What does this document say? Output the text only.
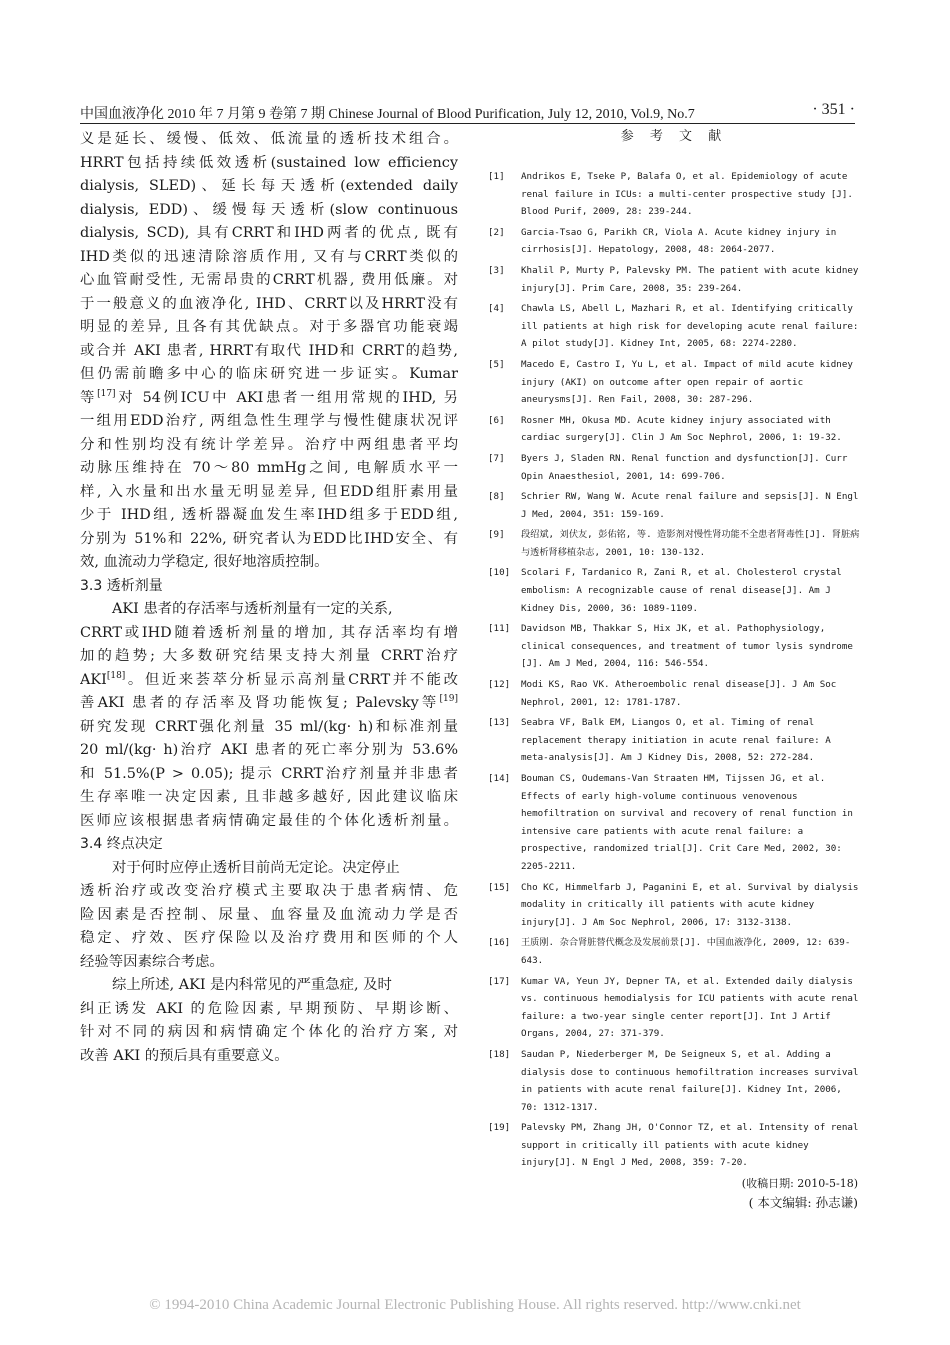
中国血液净化 2010 年 7 月第 9 卷第 7 期 Chinese Journal of Blood Purification, July 12, 2010, Vol.9, No.7	· 351 ·
义是延长、缓慢、低效、低流量的透析技术组合。
HRRT包括持续低效透析(sustained low efficiency
dialysis, SLED)、延长每天透析(extended daily
dialysis, EDD)、缓慢每天透析(slow continuous
dialysis, SCD), 具有CRRT和IHD两者的优点, 既有
IHD类似的迅速清除溶质作用, 又有与CRRT类似的
心血管耐受性, 无需昂贵的CRRT机器, 费用低廉。对
于一般意义的血液净化, IHD、CRRT以及HRRT没有
明显的差异, 且各有其优缺点。对于多器官功能衰竭
或合并 AKI 患者, HRRT有取代 IHD和 CRRT的趋势,
但仍需前瞻多中心的临床研究进一步证实。Kumar
等[17]对 54例ICU中 AKI患者一组用常规的IHD, 另
一组用EDD治疗, 两组急性生理学与慢性健康状况评
分和性别均没有统计学差异。治疗中两组患者平均
动脉压维持在 70～80 mmHg之间, 电解质水平一
样, 入水量和出水量无明显差异, 但EDD组肝素用量
少于 IHD组, 透析器凝血发生率IHD组多于EDD组,
分别为 51%和 22%, 研究者认为EDD比IHD安全、有
效, 血流动力学稳定, 很好地溶质控制。
3.3 透析剂量
AKI 患者的存活率与透析剂量有一定的关系,
CRRT或IHD随着透析剂量的增加, 其存活率均有增
加的趋势; 大多数研究结果支持大剂量 CRRT治疗
AKI[18]。但近来荟萃分析显示高剂量CRRT并不能改
善AKI 患者的存活率及肾功能恢复; Palevsky等[19]
研究发现 CRRT强化剂量 35 ml/(kg· h)和标准剂量
20 ml/(kg· h)治疗 AKI 患者的死亡率分别为 53.6%
和 51.5%(P > 0.05); 提示 CRRT治疗剂量并非患者
生存率唯一决定因素, 且非越多越好, 因此建议临床
医师应该根据患者病情确定最佳的个体化透析剂量。
3.4 终点决定
对于何时应停止透析目前尚无定论。决定停止
透析治疗或改变治疗模式主要取决于患者病情、危
险因素是否控制、尿量、血容量及血流动力学是否
稳定、疗效、医疗保险以及治疗费用和医师的个人
经验等因素综合考虑。
综上所述, AKI 是内科常见的严重急症, 及时
纠正诱发 AKI 的危险因素, 早期预防、早期诊断、
针对不同的病因和病情确定个体化的治疗方案, 对
改善 AKI 的预后具有重要意义。
参 考 文 献
[1] Andrikos E, Tseke P, Balafa O, et al. Epidemiology of acute renal failure in ICUs: a multi-center prospective study [J]. Blood Purif, 2009, 28: 239-244.
[2] Garcia-Tsao G, Parikh CR, Viola A. Acute kidney injury in cirrhosis[J]. Hepatology, 2008, 48: 2064-2077.
[3] Khalil P, Murty P, Palevsky PM. The patient with acute kidney injury[J]. Prim Care, 2008, 35: 239-264.
[4] Chawla LS, Abell L, Mazhari R, et al. Identifying critically ill patients at high risk for developing acute renal failure: A pilot study[J]. Kidney Int, 2005, 68: 2274-2280.
[5] Macedo E, Castro I, Yu L, et al. Impact of mild acute kidney injury (AKI) on outcome after open repair of aortic aneurysms[J]. Ren Fail, 2008, 30: 287-296.
[6] Rosner MH, Okusa MD. Acute kidney injury associated with cardiac surgery[J]. Clin J Am Soc Nephrol, 2006, 1: 19-32.
[7] Byers J, Sladen RN. Renal function and dysfunction[J]. Curr Opin Anaesthesiol, 2001, 14: 699-706.
[8] Schrier RW, Wang W. Acute renal failure and sepsis[J]. N Engl J Med, 2004, 351: 159-169.
[9] 段绍斌, 刘伏友, 彭佑铭, 等. 造影剂对慢性肾功能不全患者肾毒性[J]. 肾脏病与透析肾移植杂志, 2001, 10: 130-132.
[10] Scolari F, Tardanico R, Zani R, et al. Cholesterol crystal embolism: A recognizable cause of renal disease[J]. Am J Kidney Dis, 2000, 36: 1089-1109.
[11] Davidson MB, Thakkar S, Hix JK, et al. Pathophysiology, clinical consequences, and treatment of tumor lysis syndrome [J]. Am J Med, 2004, 116: 546-554.
[12] Modi KS, Rao VK. Atheroembolic renal disease[J]. J Am Soc Nephrol, 2001, 12: 1781-1787.
[13] Seabra VF, Balk EM, Liangos O, et al. Timing of renal replacement therapy initiation in acute renal failure: A meta-analysis[J]. Am J Kidney Dis, 2008, 52: 272-284.
[14] Bouman CS, Oudemans-Van Straaten HM, Tijssen JG, et al. Effects of early high-volume continuous venovenous hemofiltration on survival and recovery of renal function in intensive care patients with acute renal failure: a prospective, randomized trial[J]. Crit Care Med, 2002, 30: 2205-2211.
[15] Cho KC, Himmelfarb J, Paganini E, et al. Survival by dialysis modality in critically ill patients with acute kidney injury[J]. J Am Soc Nephrol, 2006, 17: 3132-3138.
[16] 王质刚. 杂合肾脏替代概念及发展前景[J]. 中国血液净化, 2009, 12: 639-643.
[17] Kumar VA, Yeun JY, Depner TA, et al. Extended daily dialysis vs. continuous hemodialysis for ICU patients with acute renal failure: a two-year single center report[J]. Int J Artif Organs, 2004, 27: 371-379.
[18] Saudan P, Niederberger M, De Seigneux S, et al. Adding a dialysis dose to continuous hemofiltration increases survival in patients with acute renal failure[J]. Kidney Int, 2006, 70: 1312-1317.
[19] Palevsky PM, Zhang JH, O'Connor TZ, et al. Intensity of renal support in critically ill patients with acute kidney injury[J]. N Engl J Med, 2008, 359: 7-20.
(收稿日期: 2010-5-18)
( 本文编辑: 孙志谦)
© 1994-2010 China Academic Journal Electronic Publishing House. All rights reserved. http://www.cnki.net
